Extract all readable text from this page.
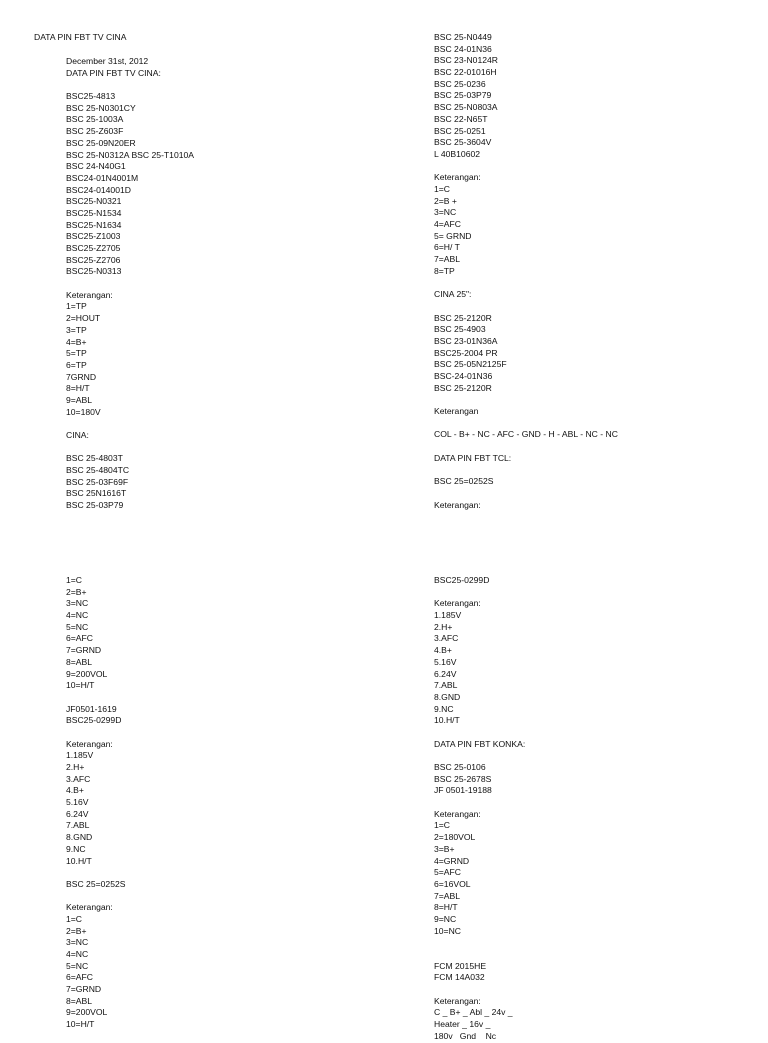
DATA PIN FBT TV CINA
December 31st, 2012
DATA PIN FBT TV CINA:
BSC25-4813
BSC 25-N0301CY
BSC 25-1003A
BSC 25-Z603F
BSC 25-09N20ER
BSC 25-N0312A BSC 25-T1010A
BSC 24-N40G1
BSC24-01N4001M
BSC24-014001D
BSC25-N0321
BSC25-N1534
BSC25-N1634
BSC25-Z1003
BSC25-Z2705
BSC25-Z2706
BSC25-N0313
Keterangan:
1=TP
2=HOUT
3=TP
4=B+
5=TP
6=TP
7GRND
8=H/T
9=ABL
10=180V
CINA:
BSC 25-4803T
BSC 25-4804TC
BSC 25-03F69F
BSC 25N1616T
BSC 25-03P79
BSC 25-N0449
BSC 24-01N36
BSC 23-N0124R
BSC 22-01016H
BSC 25-0236
BSC 25-03P79
BSC 25-N0803A
BSC 22-N65T
BSC 25-0251
BSC 25-3604V
L 40B10602
Keterangan:
1=C
2=B +
3=NC
4=AFC
5= GRND
6=H/ T
7=ABL
8=TP
CINA 25":
BSC 25-2120R
BSC 25-4903
BSC 23-01N36A
BSC25-2004 PR
BSC 25-05N2125F
BSC-24-01N36
BSC 25-2120R
Keterangan
COL - B+ - NC - AFC - GND - H - ABL - NC - NC
DATA PIN FBT TCL:
BSC 25=0252S
Keterangan:
1=C
2=B+
3=NC
4=NC
5=NC
6=AFC
7=GRND
8=ABL
9=200VOL
10=H/T
JF0501-1619
BSC25-0299D
Keterangan:
1.185V
2.H+
3.AFC
4.B+
5.16V
6.24V
7.ABL
8.GND
9.NC
10.H/T
BSC 25=0252S
Keterangan:
1=C
2=B+
3=NC
4=NC
5=NC
6=AFC
7=GRND
8=ABL
9=200VOL
10=H/T
BSC25-0299D
Keterangan:
1.185V
2.H+
3.AFC
4.B+
5.16V
6.24V
7.ABL
8.GND
9.NC
10.H/T
DATA PIN FBT KONKA:
BSC 25-0106
BSC 25-2678S
JF 0501-19188
Keterangan:
1=C
2=180VOL
3=B+
4=GRND
5=AFC
6=16VOL
7=ABL
8=H/T
9=NC
10=NC
FCM 2015HE
FCM 14A032
Keterangan:
C _ B+ _ Abl _ 24v _
Heater _ 16v _
180v   Gnd    Nc
